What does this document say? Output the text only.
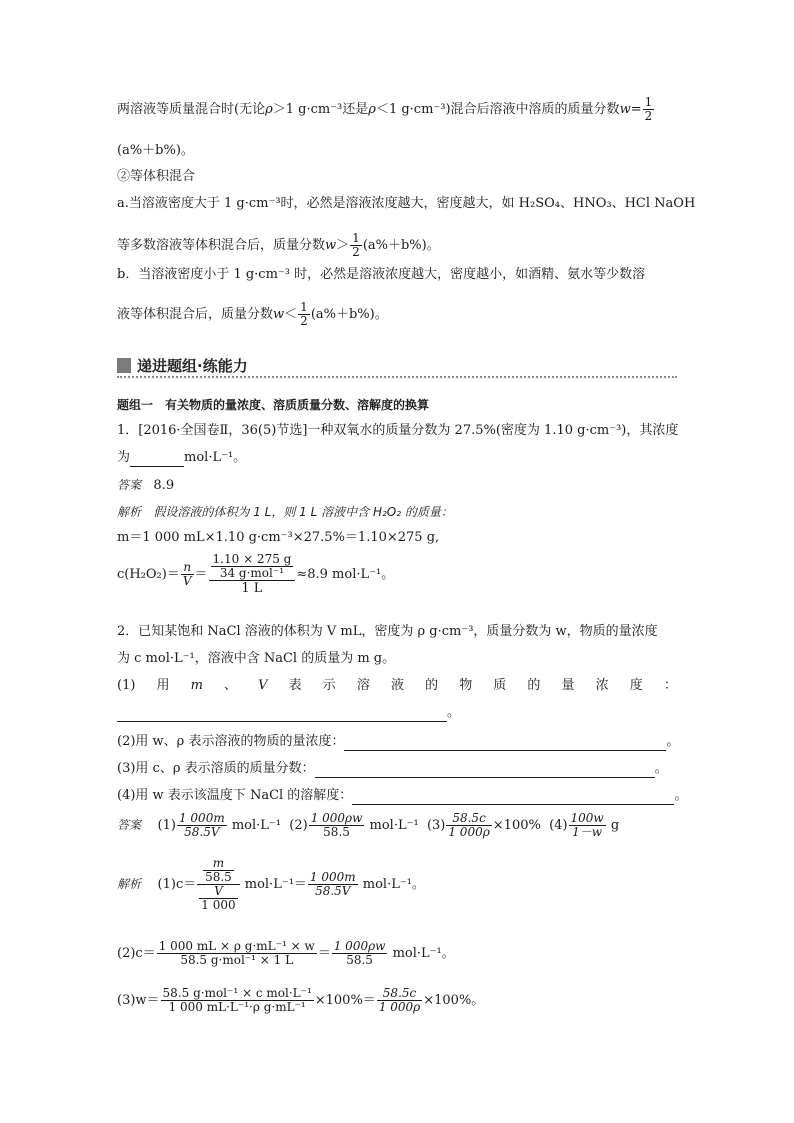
两溶液等质量混合时(无论ρ＞1 g·cm⁻³还是ρ＜1 g·cm⁻³)混合后溶液中溶质的质量分数$w= \frac{1}{2}$
(a%＋b%)。
②等体积混合
a.当溶液密度大于 1 g·cm⁻³时，必然是溶液浓度越大，密度越大，如 H₂SO₄、HNO₃、HCl NaOH
等多数溶液等体积混合后，质量分数$w> \frac{1}{2} (a\%+b\%)$。
b．当溶液密度小于 1 g·cm⁻³ 时，必然是溶液浓度越大，密度越小，如酒精、氨水等少数溶
液等体积混合后，质量分数$w< \frac{1}{2} (a\%+b\%)$。
递进题组·练能力
题组一　有关物质的量浓度、溶质质量分数、溶解度的换算
1．[2016·全国卷Ⅱ，36(5)节选]一种双氧水的质量分数为 27.5%(密度为 1.10 g·cm⁻³)，其浓度
为	mol·L⁻¹。
答案 8.9
解析 假设溶液的体积为 1 L，则 1 L 溶液中含 H₂O₂ 的质量：
m＝1 000 mL×1.10 g·cm⁻³×27.5%＝1.10×275 g,
$c(H_2O_2)= \frac{n}{V} = \frac{\frac{1.10 \times 275 g}{\text{34 g·mol⁻¹}}}{1 L} \approx 8.9$ mol·L⁻¹。
2．已知某饱和 NaCl 溶液的体积为 V mL，密度为 ρ g·cm⁻³，质量分数为 w，物质的量浓度
为 c mol·L⁻¹，溶液中含 NaCl 的质量为 m g。
(1) 用 m 、 V 表 示 溶 液 的 物 质 的 量 浓 度 ：
。
(2)用 w、ρ 表示溶液的物质的量浓度：	。
(3)用 c、ρ 表示溶质的质量分数：	。
(4)用 w 表示该温度下 NaCl 的溶解度：	。
答案 $(1) \frac{1 000m}{58.5V} mol\cdot L^{-1}$ $(2) \frac{1 000\rho w}{58.5} mol\cdot L^{-1}$ $(3) \frac{58.5c}{1 000\rho} \times 100\%$ $(4) \frac{100w}{1-w}$ g
解析 $(1)c= \frac{\frac{m}{58.5}}{\frac{V}{1 000}} mol\cdot L^{-1}= \frac{1 000m}{58.5V} mol\cdot L^{-1}$。
$(2)c= \frac{\text{1 000 mL × ρ g·mL⁻¹ × w}}{\text{58.5 g·mol⁻¹ × 1 L}} = \frac{1 000\rho w}{58.5} mol\cdot L^{-1}$。
$(3)w= \frac{\text{58.5 g·mol⁻¹ × c mol·L⁻¹}}{\text{1 000 mL·L⁻¹·ρ g·mL⁻¹}} \times 100\%= \frac{58.5c}{1 000\rho} \times 100\%$。
